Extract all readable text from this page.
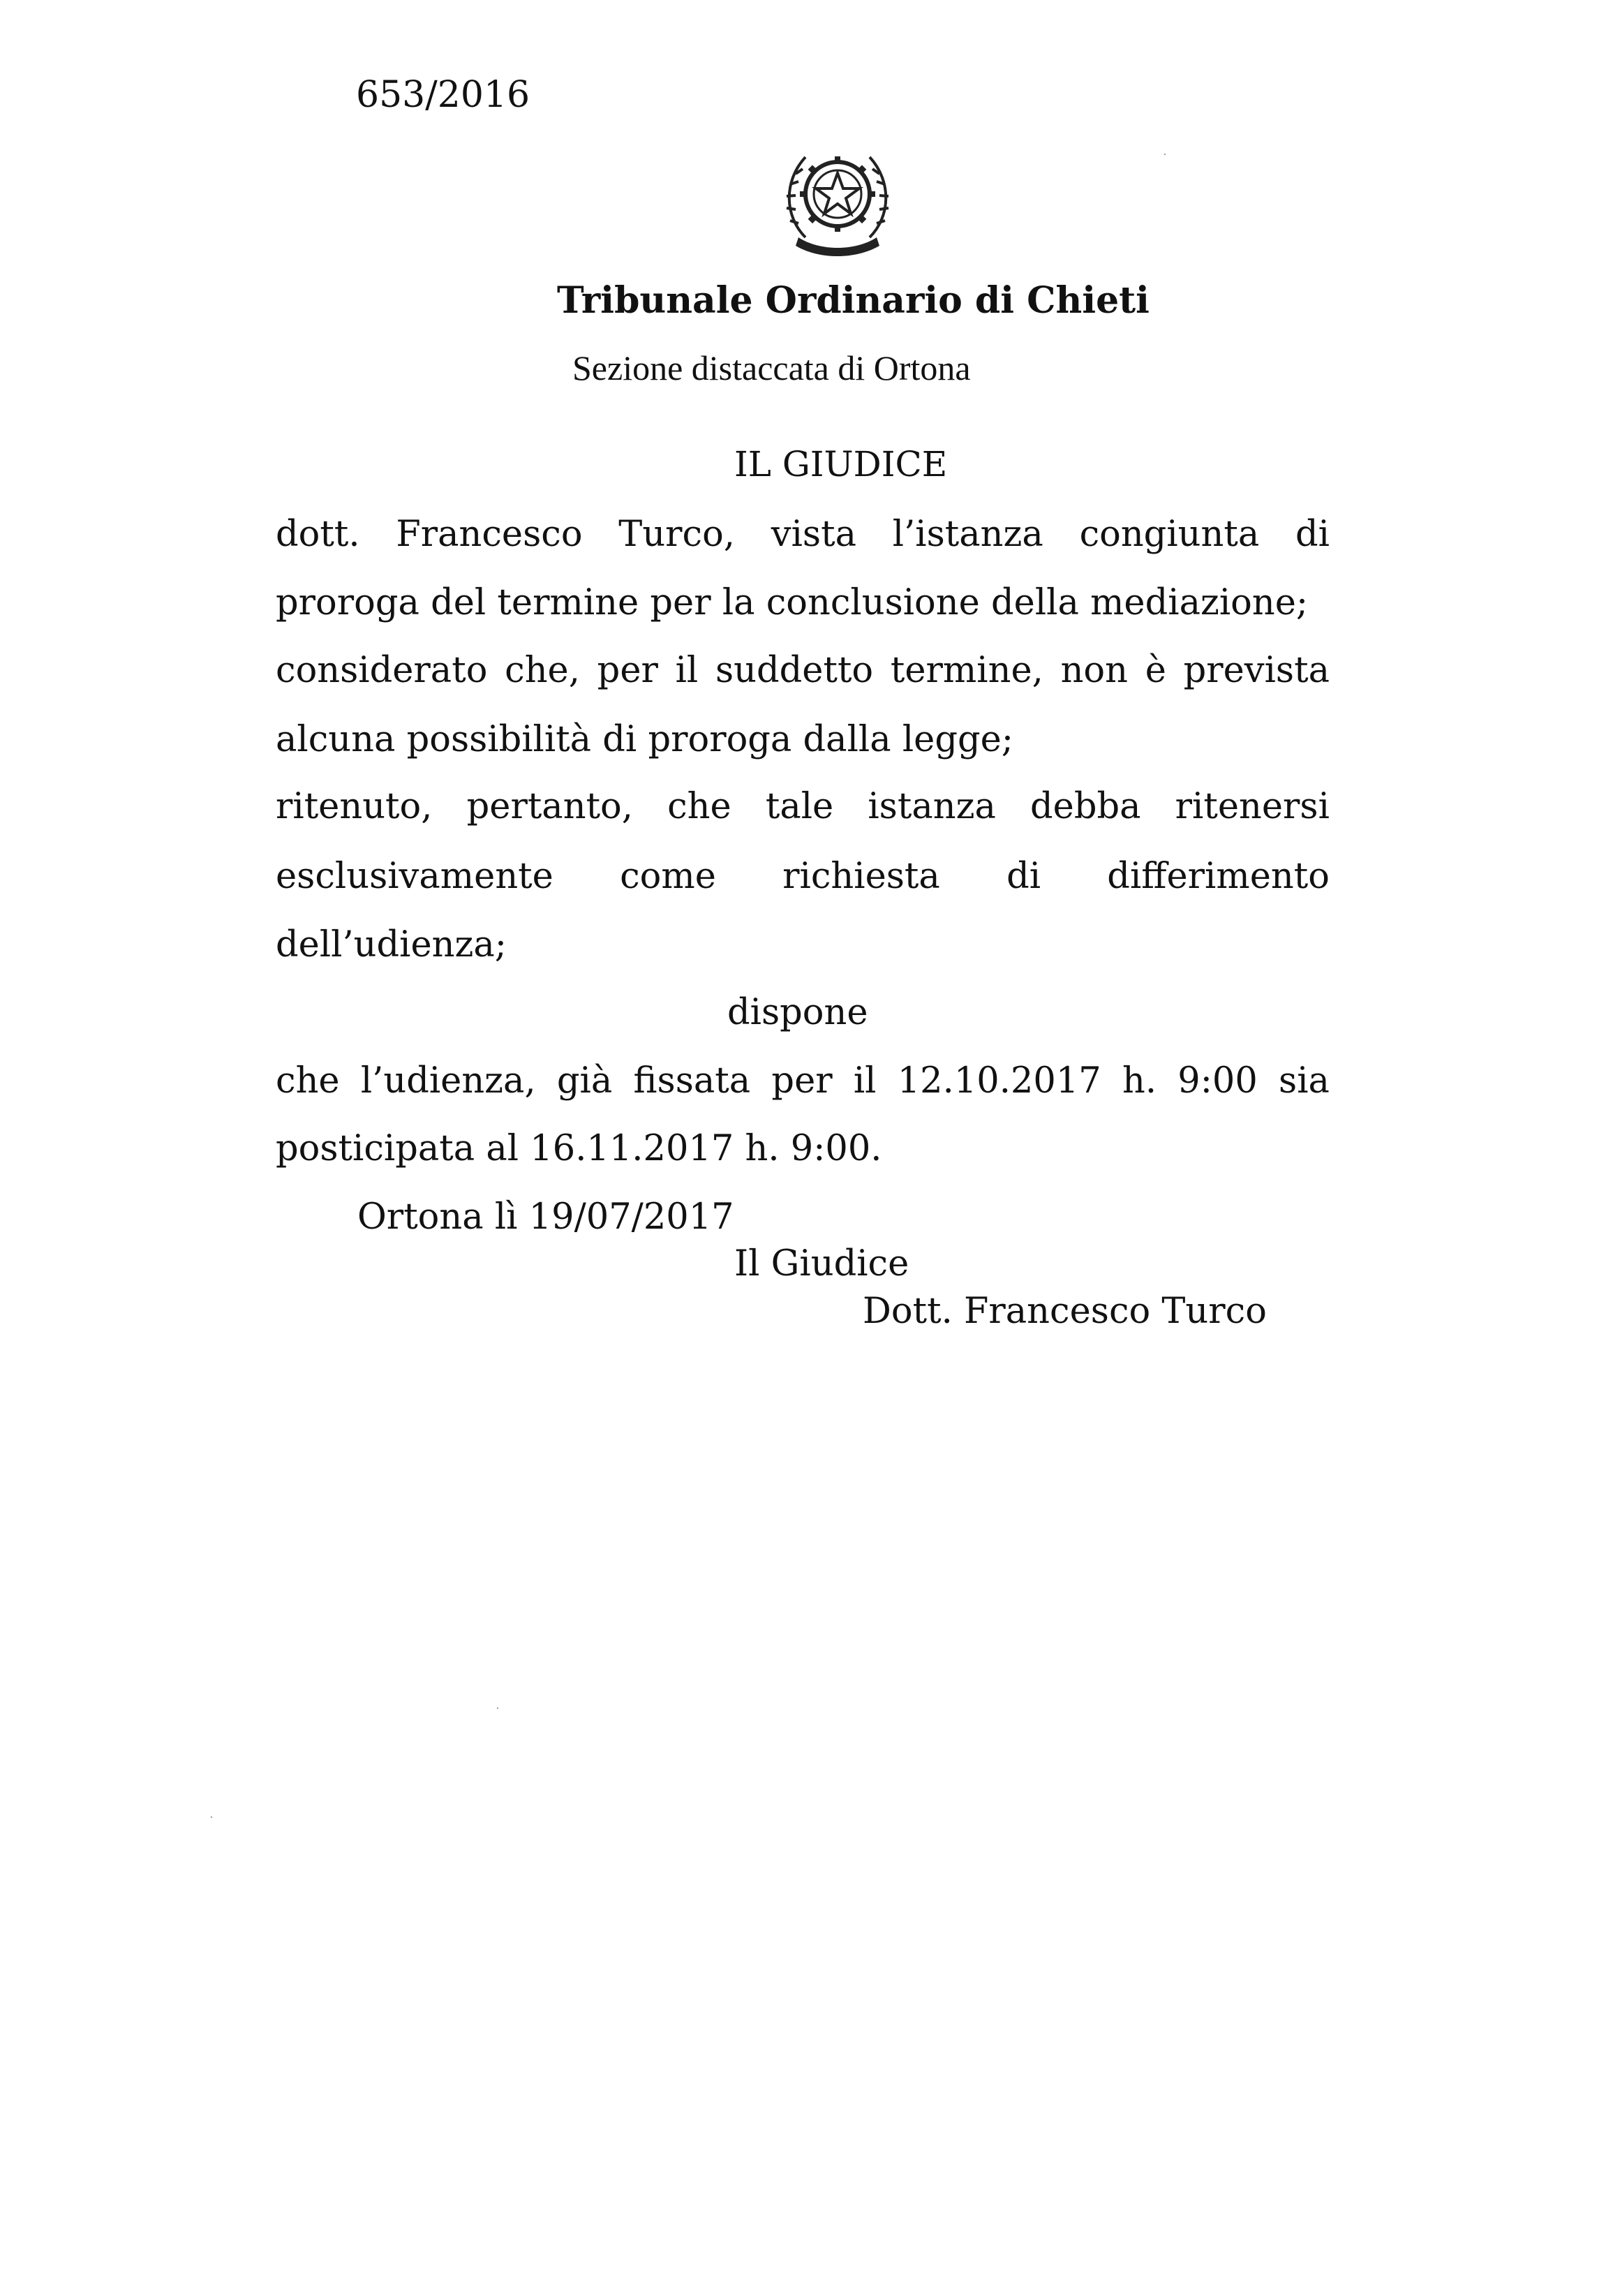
653/2016
Tribunale Ordinario di Chieti
Sezione distaccata di Ortona
IL GIUDICE
dott. Francesco Turco, vista l’istanza congiunta di
proroga del termine per la conclusione della mediazione;
considerato che, per il suddetto termine, non è prevista
alcuna possibilità di proroga dalla legge;
ritenuto, pertanto, che tale istanza debba ritenersi
esclusivamente come richiesta di differimento
dell’udienza;
dispone
che l’udienza, già fissata per il 12.10.2017 h. 9:00 sia
posticipata al 16.11.2017 h. 9:00.
Ortona lì 19/07/2017
Il Giudice
Dott. Francesco Turco
